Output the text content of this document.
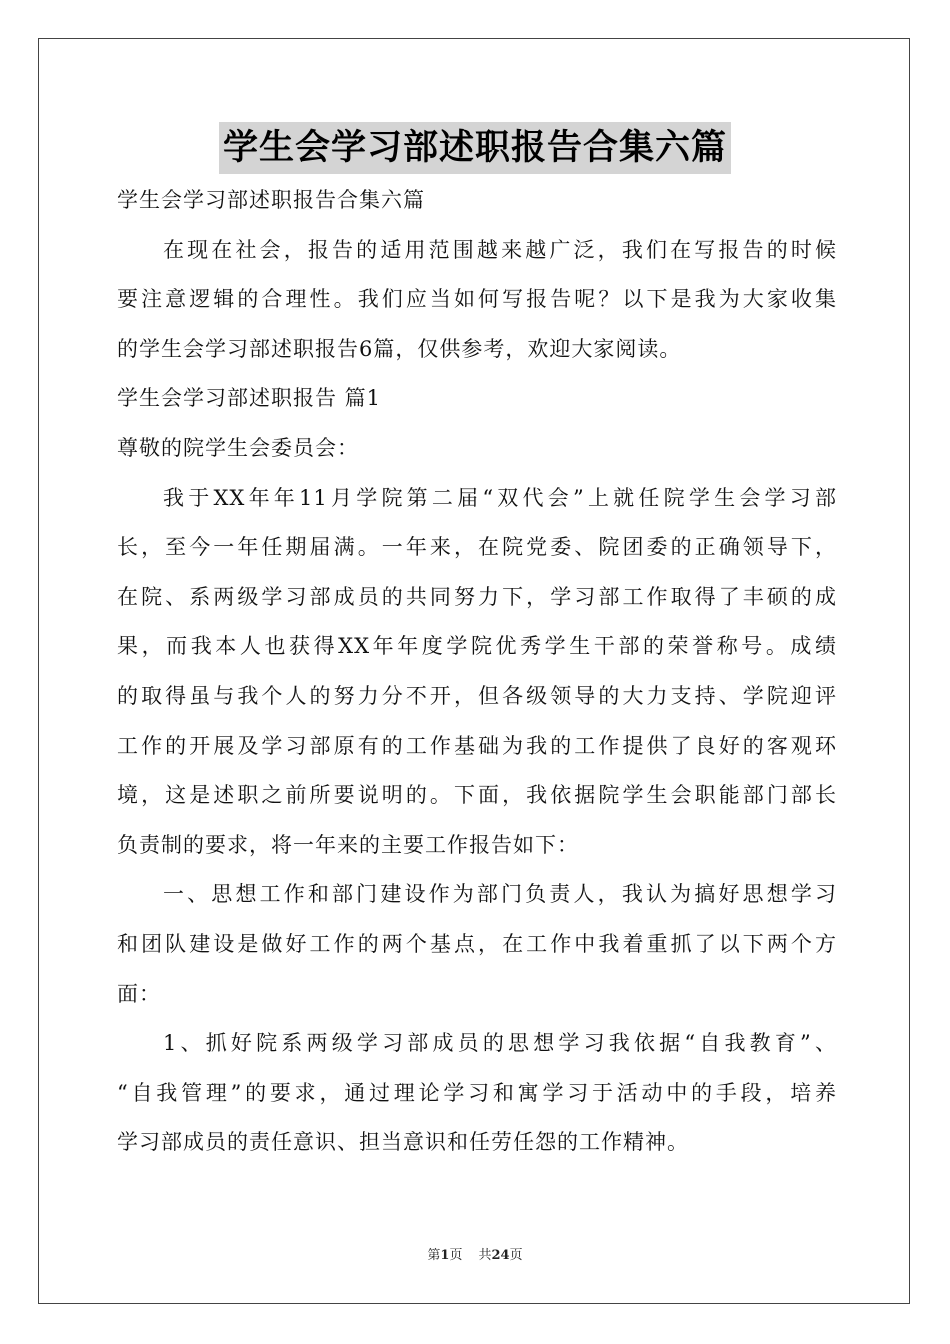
学生会学习部述职报告合集六篇

学生会学习部述职报告合集六篇

在现在社会，报告的适用范围越来越广泛，我们在写报告的时候

要注意逻辑的合理性。我们应当如何写报告呢？以下是我为大家收集

的学生会学习部述职报告6篇，仅供参考，欢迎大家阅读。

学生会学习部述职报告 篇1

尊敬的院学生会委员会：

我于XX年年11月学院第二届“双代会”上就任院学生会学习部

长，至今一年任期届满。一年来，在院党委、院团委的正确领导下，

在院、系两级学习部成员的共同努力下，学习部工作取得了丰硕的成

果，而我本人也获得XX年年度学院优秀学生干部的荣誉称号。成绩

的取得虽与我个人的努力分不开，但各级领导的大力支持、学院迎评

工作的开展及学习部原有的工作基础为我的工作提供了良好的客观环

境，这是述职之前所要说明的。下面，我依据院学生会职能部门部长

负责制的要求，将一年来的主要工作报告如下：

一、思想工作和部门建设作为部门负责人，我认为搞好思想学习

和团队建设是做好工作的两个基点，在工作中我着重抓了以下两个方

面：

1、抓好院系两级学习部成员的思想学习我依据“自我教育”、

“自我管理”的要求，通过理论学习和寓学习于活动中的手段，培养

学习部成员的责任意识、担当意识和任劳任怨的工作精神。

第1页 共24页
